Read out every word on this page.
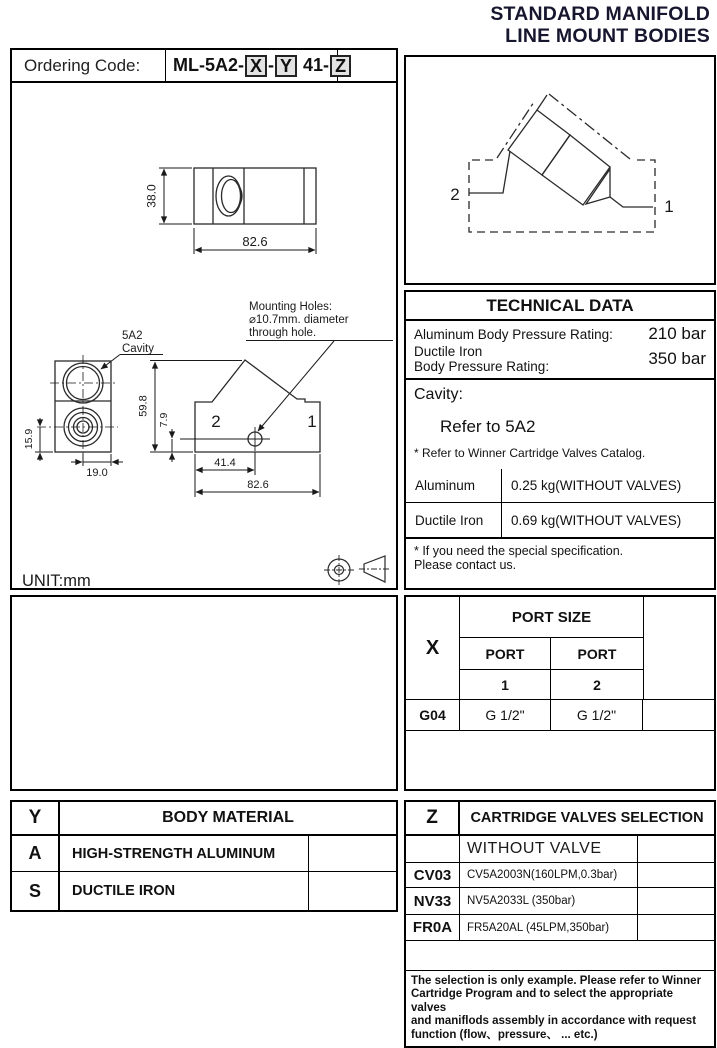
STANDARD MANIFOLD
LINE MOUNT BODIES
Ordering Code:	ML-5A2- X - Y 41- Z
38.0
82.6
Mounting Holes:
⌀10.7mm. diameter
through hole.
5A2
Cavity
15.9
19.0
2	1
59.8
7.9
41.4
82.6
UNIT:mm
2
1
TECHNICAL DATA
Aluminum Body Pressure Rating: 210 bar
Ductile Iron
Body Pressure Rating:	350 bar
Cavity:
Refer to 5A2
* Refer to Winner Cartridge Valves Catalog.
Aluminum	0.25 kg(WITHOUT VALVES)
Ductile Iron	0.69 kg(WITHOUT VALVES)
* If you need the special specification.
Please contact us.
X
PORT SIZE
PORT	PORT
1	2
G04	G 1/2"	G 1/2"
Y	BODY MATERIAL
A	HIGH-STRENGTH ALUMINUM
S	DUCTILE IRON
Z	CARTRIDGE VALVES SELECTION
WITHOUT VALVE
CV03	CV5A2003N(160LPM,0.3bar)
NV33	NV5A2033L (350bar)
FR0A	FR5A20AL (45LPM,350bar)
The selection is only example. Please refer to Winner
Cartridge Program and to select the appropriate valves
and maniflods assembly in accordance with request
function (flow、pressure、 ... etc.)
